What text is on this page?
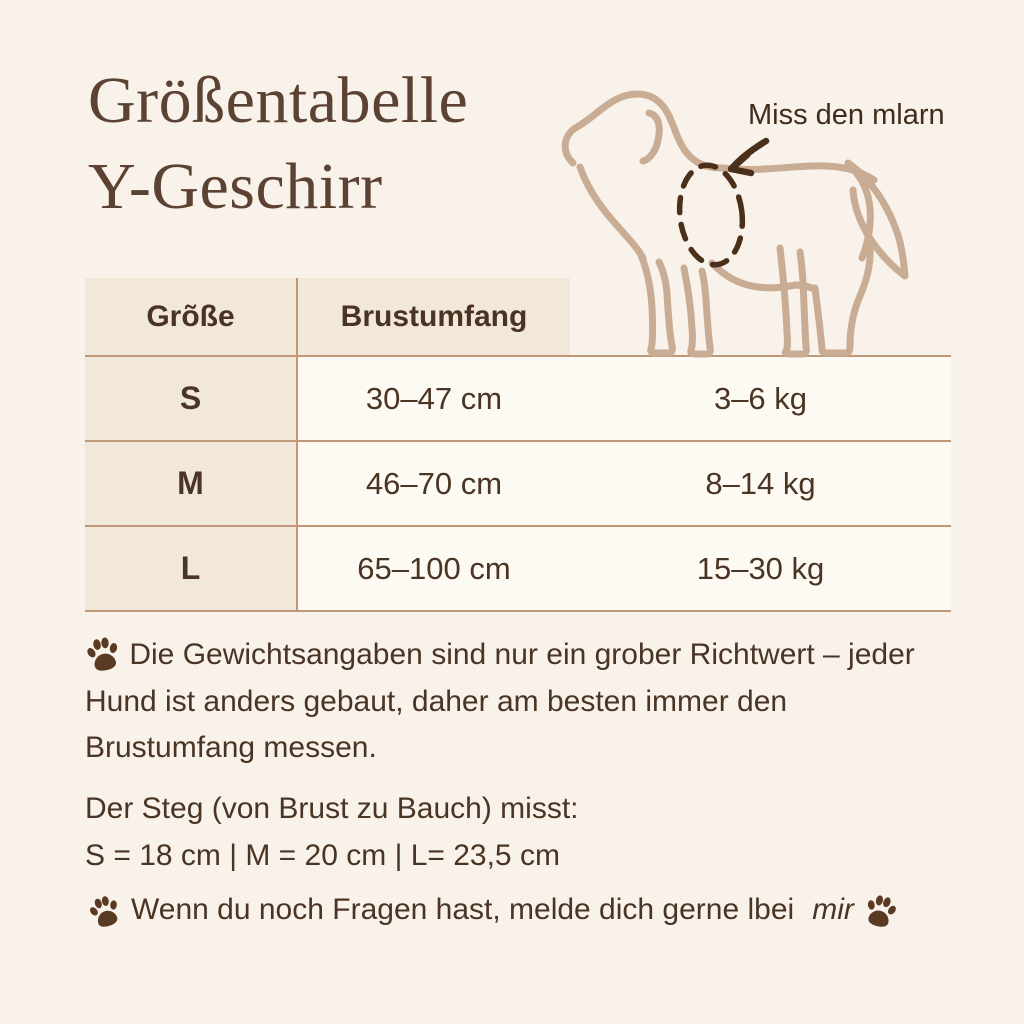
Größentabelle
Y-Geschirr
Miss den mlarn
Grõße	Brustumfang
S	30–47 cm	3–6 kg
M	46–70 cm	8–14 kg
L	65–100 cm	15–30 kg
Die Gewichtsangaben sind nur ein grober Richtwert – jeder Hund ist anders gebaut, daher am besten immer den Brustumfang messen.
Der Steg (von Brust zu Bauch) misst:
S = 18 cm | M = 20 cm | L= 23,5 cm
Wenn du noch Fragen hast, melde dich gerne lbei mir
